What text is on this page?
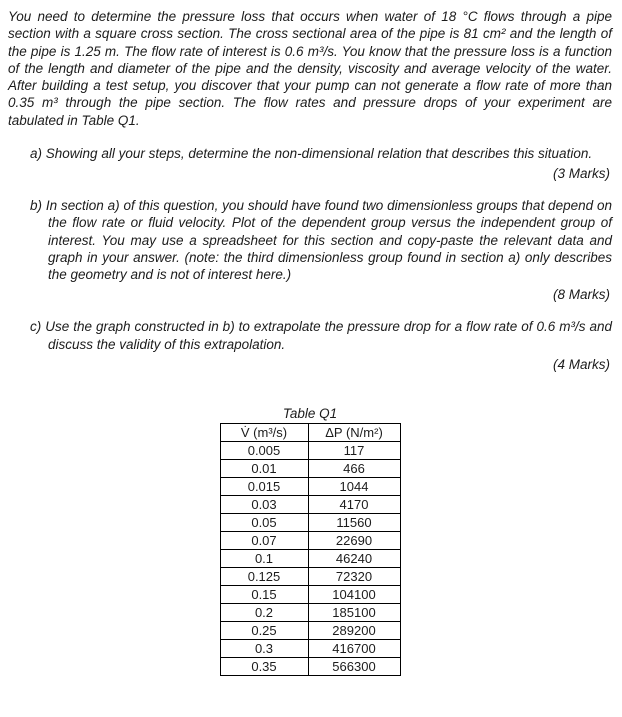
You need to determine the pressure loss that occurs when water of 18 °C flows through a pipe section with a square cross section. The cross sectional area of the pipe is 81 cm² and the length of the pipe is 1.25 m. The flow rate of interest is 0.6 m³/s. You know that the pressure loss is a function of the length and diameter of the pipe and the density, viscosity and average velocity of the water. After building a test setup, you discover that your pump can not generate a flow rate of more than 0.35 m³ through the pipe section. The flow rates and pressure drops of your experiment are tabulated in Table Q1.

a) Showing all your steps, determine the non-dimensional relation that describes this situation.
(3 Marks)
b) In section a) of this question, you should have found two dimensionless groups that depend on the flow rate or fluid velocity. Plot of the dependent group versus the independent group of interest. You may use a spreadsheet for this section and copy-paste the relevant data and graph in your answer. (note: the third dimensionless group found in section a) only describes the geometry and is not of interest here.)
(8 Marks)
c) Use the graph constructed in b) to extrapolate the pressure drop for a flow rate of 0.6 m³/s and discuss the validity of this extrapolation.
(4 Marks)
Table Q1
V̇ (m³/s)	ΔP (N/m²)
0.005	117
0.01	466
0.015	1044
0.03	4170
0.05	11560
0.07	22690
0.1	46240
0.125	72320
0.15	104100
0.2	185100
0.25	289200
0.3	416700
0.35	566300
